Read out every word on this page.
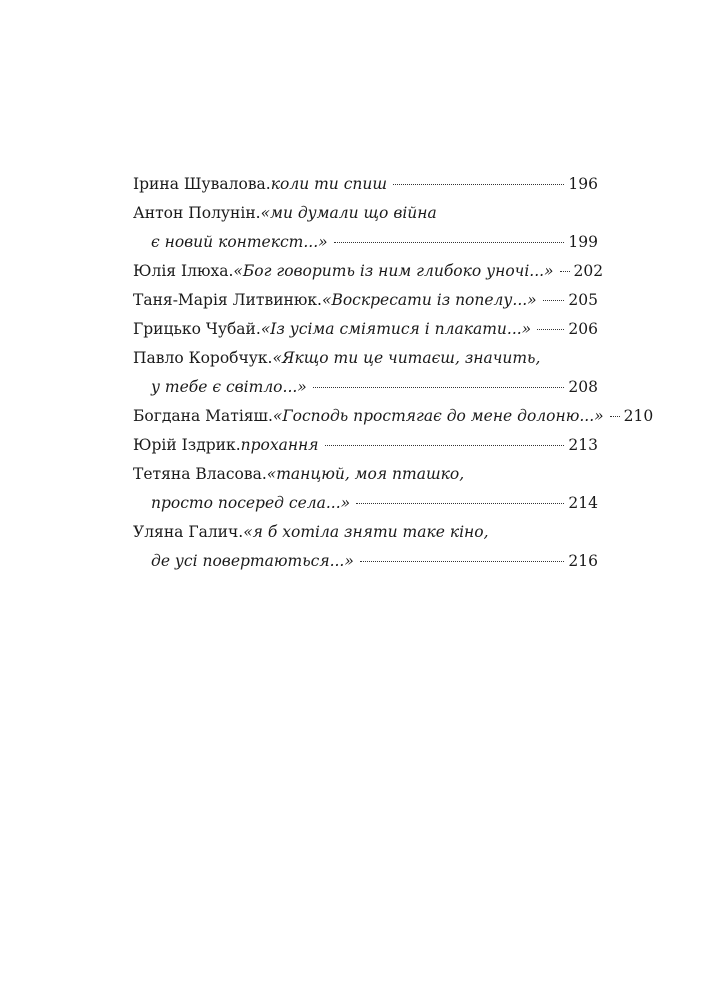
Ірина Шувалова. коли ти спиш	196
Антон Полунін. «ми думали що війна
є новий контекст...»	199
Юлія Ілюха. «Бог говорить із ним глибоко уночі...» 202
Таня-Марія Литвинюк. «Воскресати із попелу...» 205
Грицько Чубай. «Із усіма сміятися і плакати...» 206
Павло Коробчук. «Якщо ти це читаєш, значить,
у тебе є світло...»	208
Богдана Матіяш. «Господь простягає до мене долоню...» 210
Юрій Іздрик. прохання	213
Тетяна Власова. «танцюй, моя пташко,
просто посеред села...»	214
Уляна Галич. «я б хотіла зняти таке кіно,
де усі повертаються...»	216
